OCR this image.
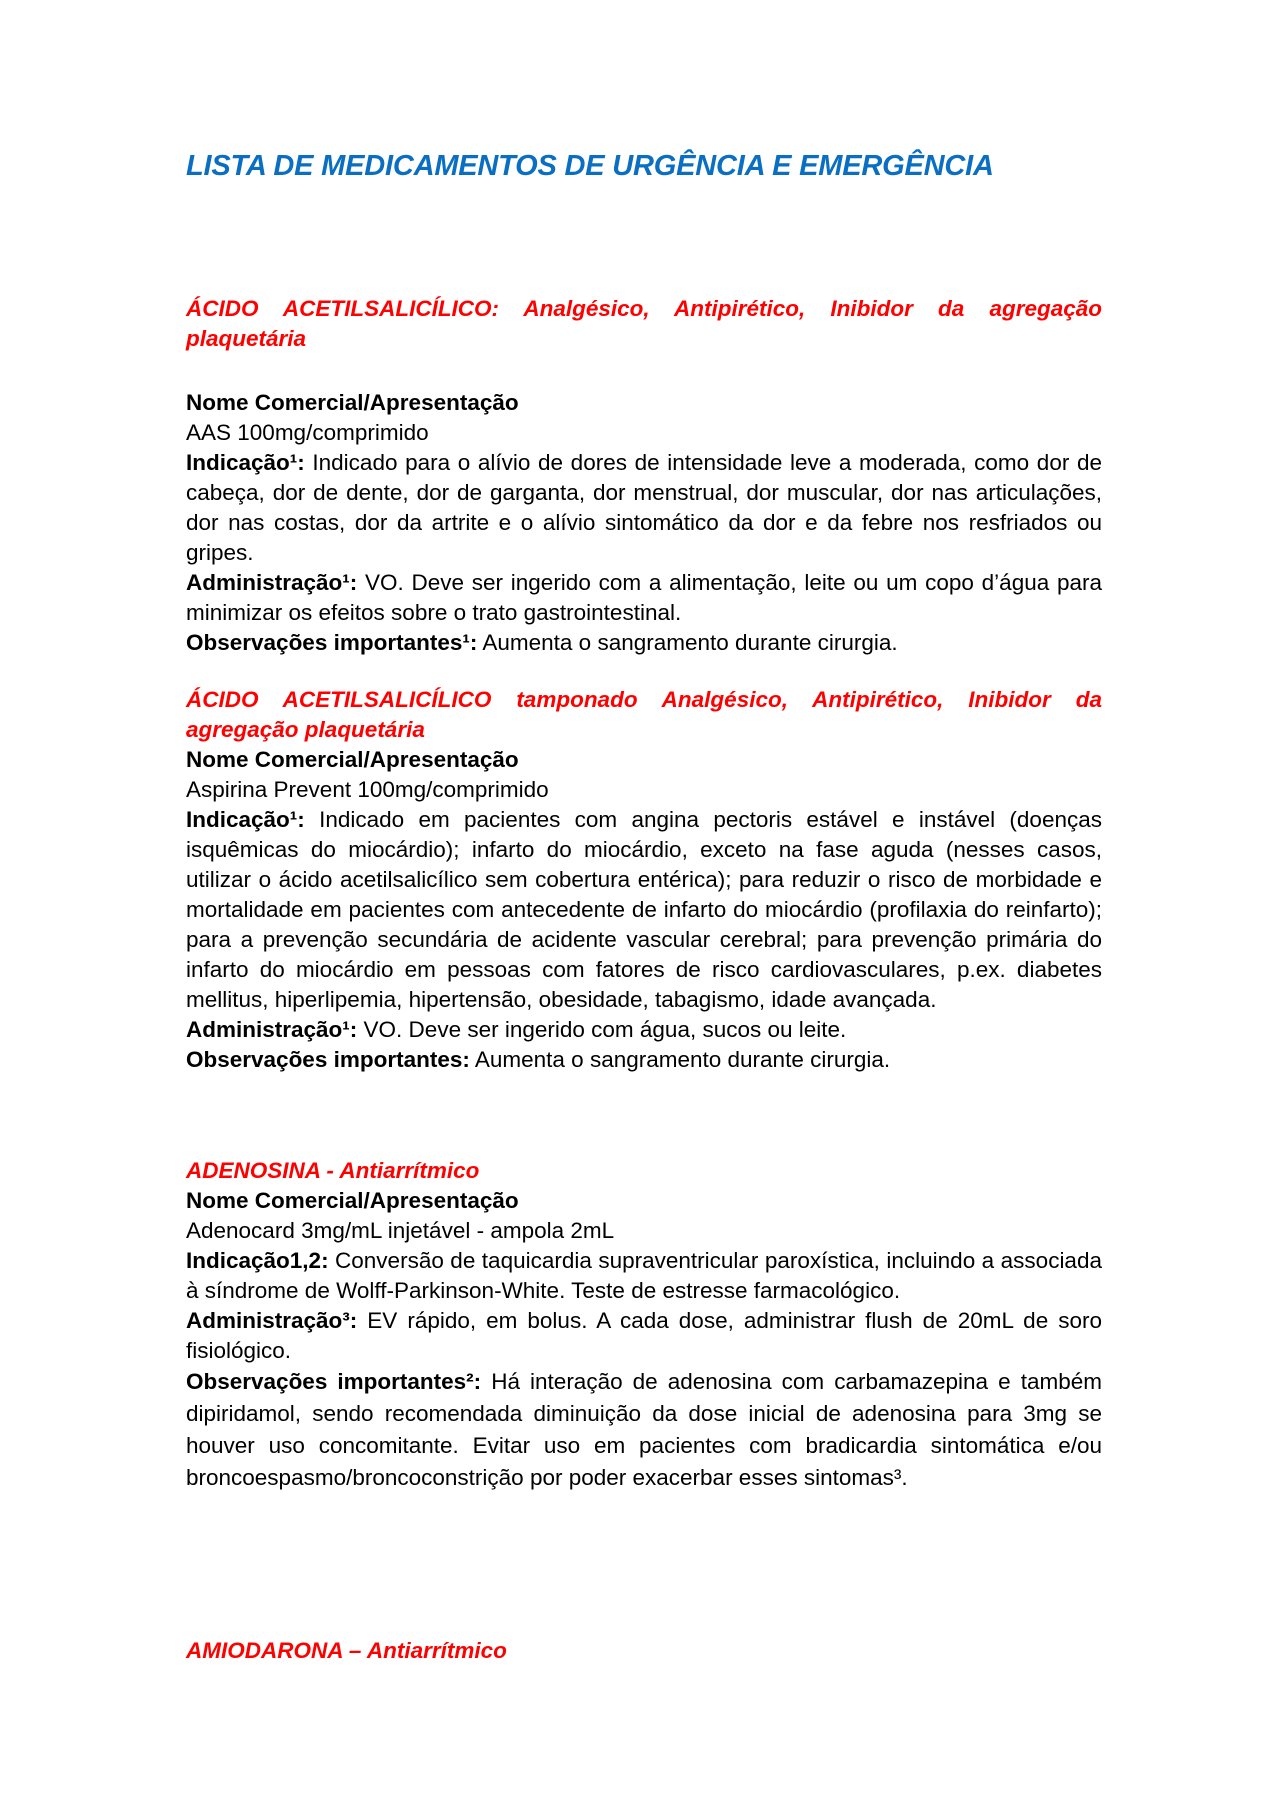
LISTA DE MEDICAMENTOS DE URGÊNCIA E EMERGÊNCIA

ÁCIDO ACETILSALICÍLICO: Analgésico, Antipirético, Inibidor da agregação plaquetária

Nome Comercial/Apresentação

AAS 100mg/comprimido

Indicação¹: Indicado para o alívio de dores de intensidade leve a moderada, como dor de cabeça, dor de dente, dor de garganta, dor menstrual, dor muscular, dor nas articulações, dor nas costas, dor da artrite e o alívio sintomático da dor e da febre nos resfriados ou gripes.

Administração¹: VO. Deve ser ingerido com a alimentação, leite ou um copo d’água para minimizar os efeitos sobre o trato gastrointestinal.

Observações importantes¹: Aumenta o sangramento durante cirurgia.

ÁCIDO ACETILSALICÍLICO tamponado Analgésico, Antipirético, Inibidor da agregação plaquetária

Nome Comercial/Apresentação

Aspirina Prevent 100mg/comprimido

Indicação¹: Indicado em pacientes com angina pectoris estável e instável (doenças isquêmicas do miocárdio); infarto do miocárdio, exceto na fase aguda (nesses casos, utilizar o ácido acetilsalicílico sem cobertura entérica); para reduzir o risco de morbidade e mortalidade em pacientes com antecedente de infarto do miocárdio (profilaxia do reinfarto); para a prevenção secundária de acidente vascular cerebral; para prevenção primária do infarto do miocárdio em pessoas com fatores de risco cardiovasculares, p.ex. diabetes mellitus, hiperlipemia, hipertensão, obesidade, tabagismo, idade avançada.

Administração¹: VO. Deve ser ingerido com água, sucos ou leite.

Observações importantes: Aumenta o sangramento durante cirurgia.

ADENOSINA - Antiarrítmico

Nome Comercial/Apresentação

Adenocard 3mg/mL injetável - ampola 2mL

Indicação1,2: Conversão de taquicardia supraventricular paroxística, incluindo a associada à síndrome de Wolff-Parkinson-White. Teste de estresse farmacológico.

Administração³: EV rápido, em bolus. A cada dose, administrar flush de 20mL de soro fisiológico.

Observações importantes²: Há interação de adenosina com carbamazepina e também dipiridamol, sendo recomendada diminuição da dose inicial de adenosina para 3mg se houver uso concomitante. Evitar uso em pacientes com bradicardia sintomática e/ou broncoespasmo/broncoconstrição por poder exacerbar esses sintomas³.

AMIODARONA – Antiarrítmico
